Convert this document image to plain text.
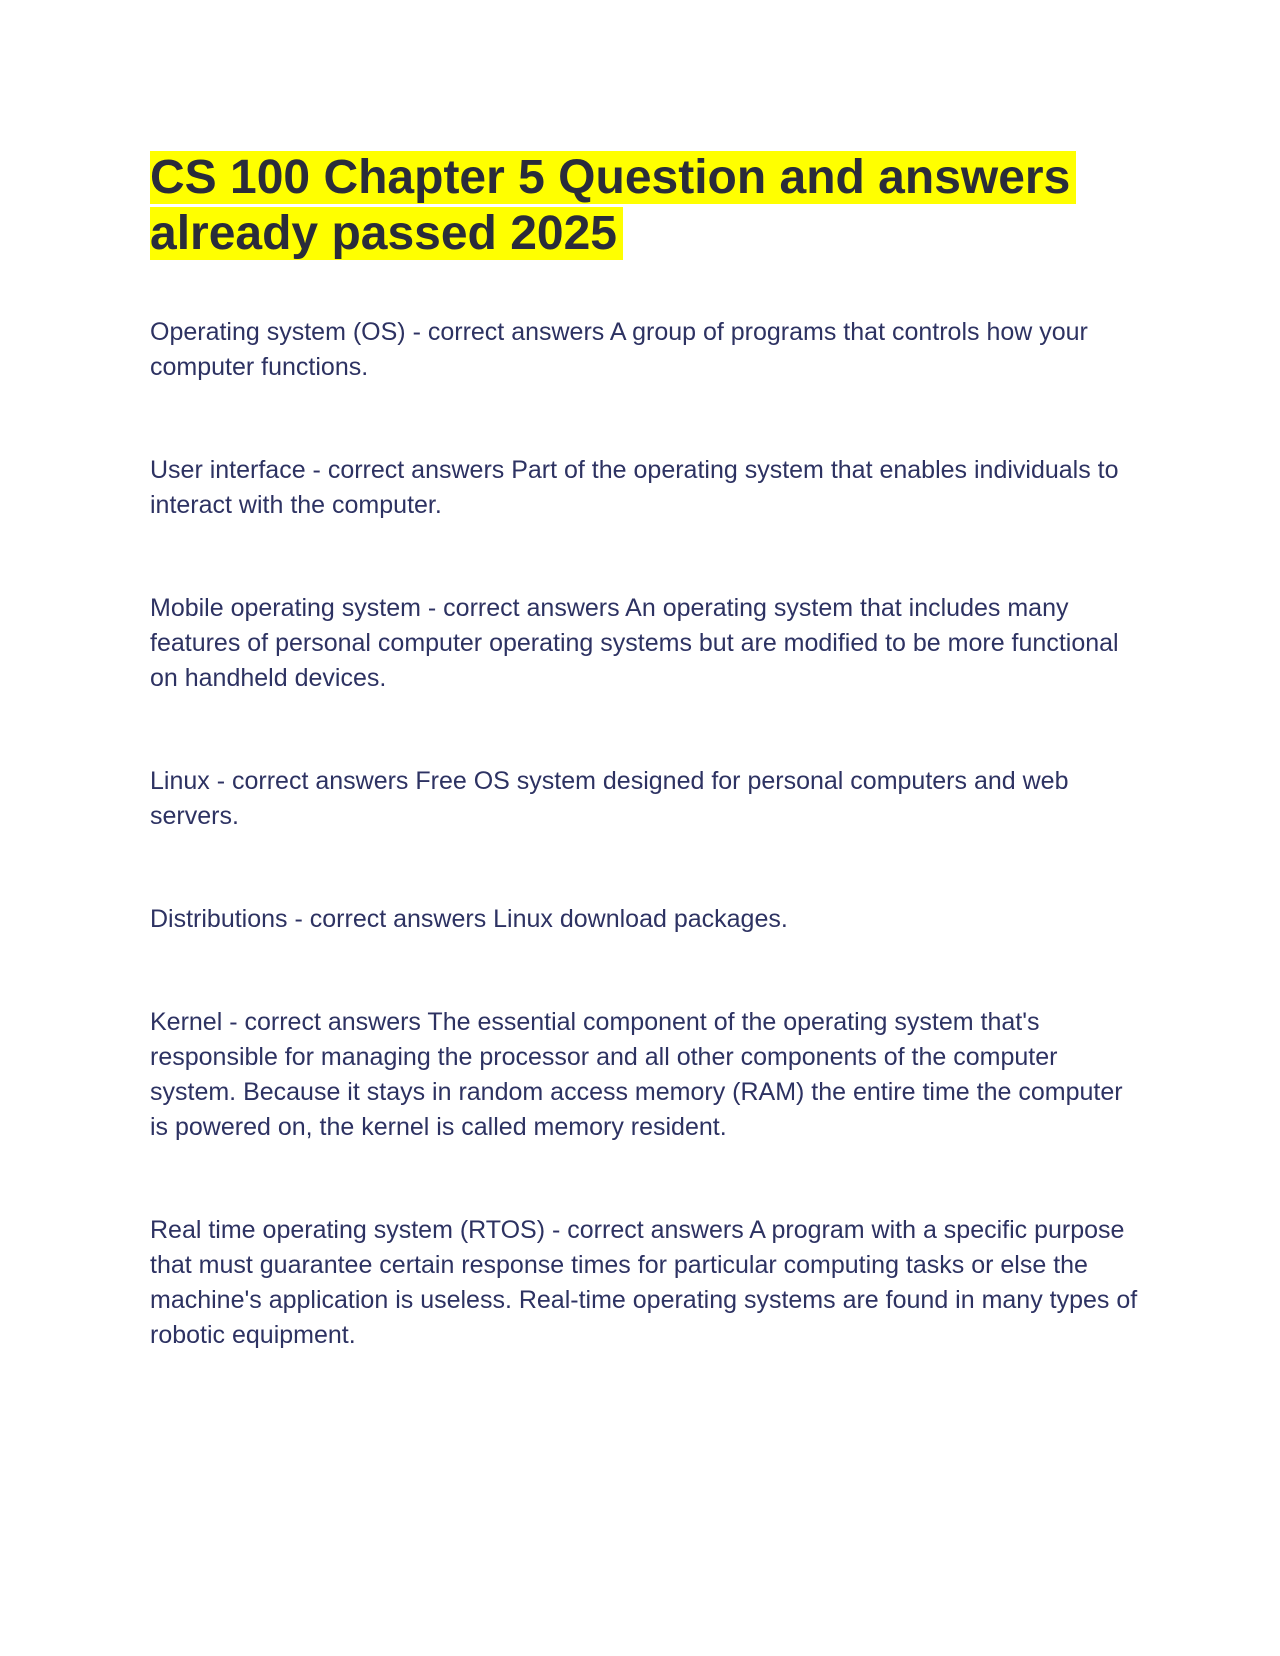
CS 100 Chapter 5 Question and answers already passed 2025

Operating system (OS) - correct answers A group of programs that controls how your computer functions.

User interface - correct answers Part of the operating system that enables individuals to interact with the computer.

Mobile operating system - correct answers An operating system that includes many features of personal computer operating systems but are modified to be more functional on handheld devices.

Linux - correct answers Free OS system designed for personal computers and web servers.

Distributions - correct answers Linux download packages.

Kernel - correct answers The essential component of the operating system that's responsible for managing the processor and all other components of the computer system. Because it stays in random access memory (RAM) the entire time the computer is powered on, the kernel is called memory resident.

Real time operating system (RTOS) - correct answers A program with a specific purpose that must guarantee certain response times for particular computing tasks or else the machine's application is useless. Real-time operating systems are found in many types of robotic equipment.
